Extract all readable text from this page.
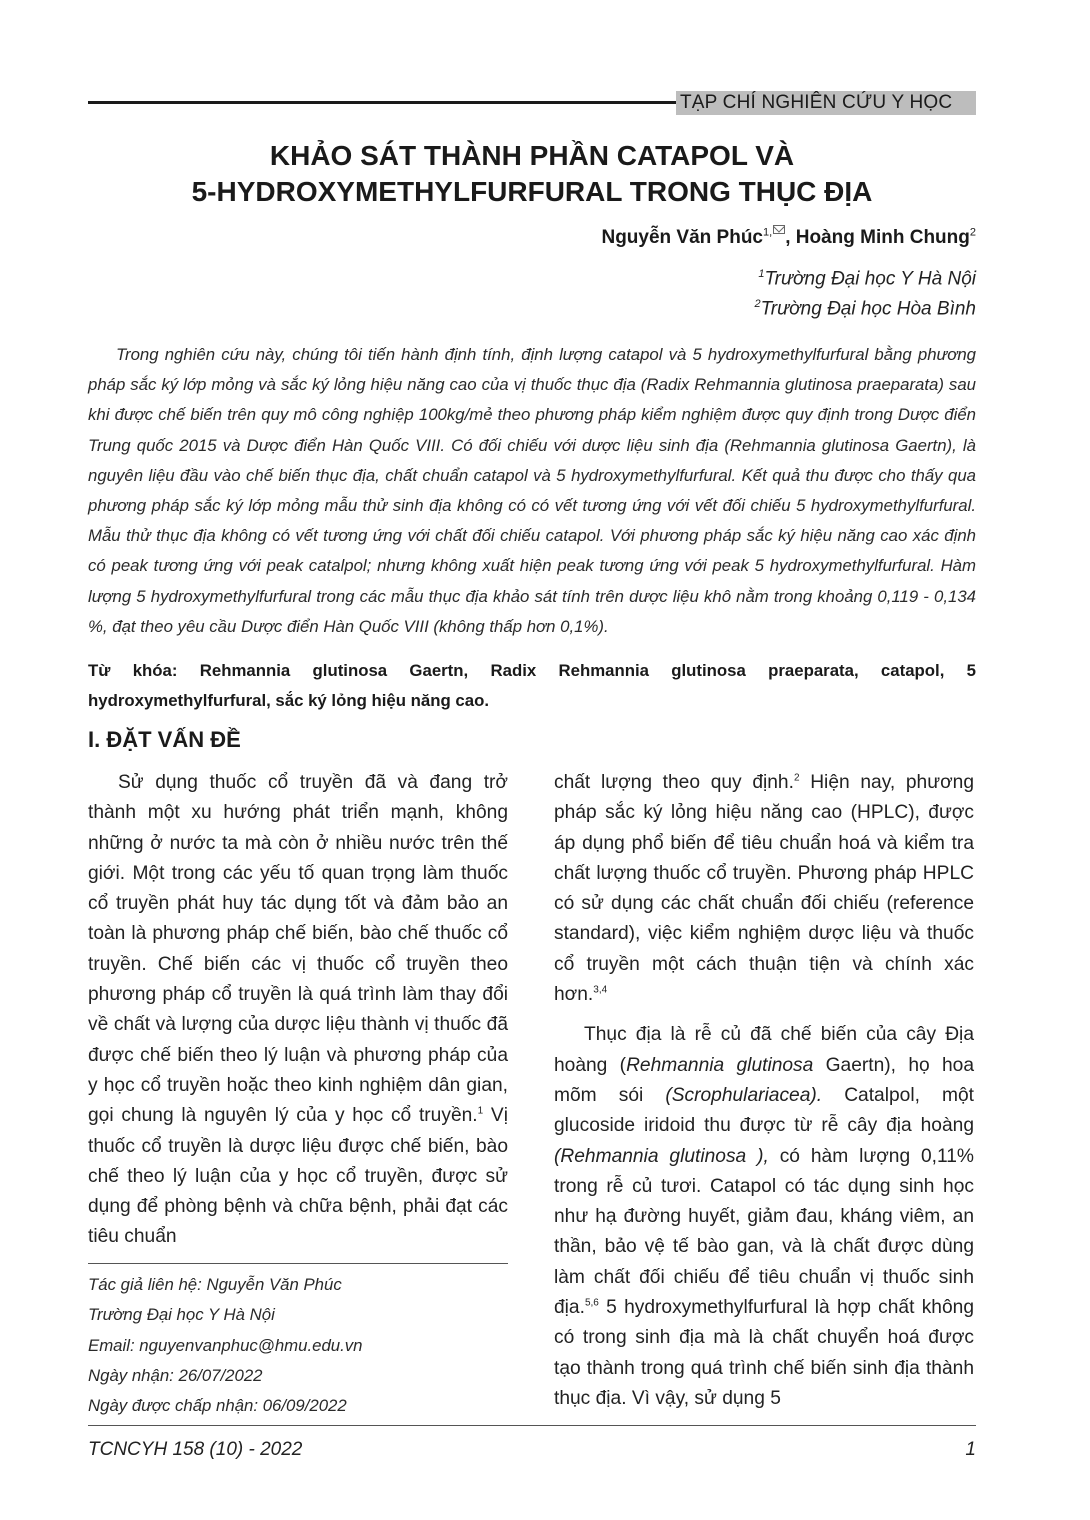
TẠP CHÍ NGHIÊN CỨU Y HỌC
KHẢO SÁT THÀNH PHẦN CATAPOL VÀ
5-HYDROXYMETHYLFURFURAL TRONG THỤC ĐỊA
Nguyễn Văn Phúc$^{1,}$ , Hoàng Minh Chung$^2$
$^1$Trường Đại học Y Hà Nội
$^2$Trường Đại học Hòa Bình

Trong nghiên cứu này, chúng tôi tiến hành định tính, định lượng catapol và 5 hydroxymethylfurfural bằng phương pháp sắc ký lớp mỏng và sắc ký lỏng hiệu năng cao của vị thuốc thục địa (Radix Rehmannia glutinosa praeparata) sau khi được chế biến trên quy mô công nghiệp 100kg/mẻ theo phương pháp kiểm nghiệm được quy định trong Dược điển Trung quốc 2015 và Dược điển Hàn Quốc VIII. Có đối chiếu với dược liệu sinh địa (Rehmannia glutinosa Gaertn), là nguyên liệu đầu vào chế biến thục địa, chất chuẩn catapol và 5 hydroxymethylfurfural. Kết quả thu được cho thấy qua phương pháp sắc ký lớp mỏng mẫu thử sinh địa không có có vết tương ứng với vết đối chiếu 5 hydroxymethylfurfural. Mẫu thử thục địa không có vết tương ứng với chất đối chiếu catapol. Với phương pháp sắc ký hiệu năng cao xác định có peak tương ứng với peak catalpol; nhưng không xuất hiện peak tương ứng với peak 5 hydroxymethylfurfural. Hàm lượng 5 hydroxymethylfurfural trong các mẫu thục địa khảo sát tính trên dược liệu khô nằm trong khoảng 0,119 - 0,134 %, đạt theo yêu cầu Dược điển Hàn Quốc VIII (không thấp hơn 0,1%).

Từ khóa: Rehmannia glutinosa Gaertn, Radix Rehmannia glutinosa praeparata, catapol, 5 hydroxymethylfurfural, sắc ký lỏng hiệu năng cao.

I. ĐẶT VẤN ĐỀ

Sử dụng thuốc cổ truyền đã và đang trở thành một xu hướng phát triển mạnh, không những ở nước ta mà còn ở nhiều nước trên thế giới. Một trong các yếu tố quan trọng làm thuốc cổ truyền phát huy tác dụng tốt và đảm bảo an toàn là phương pháp chế biến, bào chế thuốc cổ truyền. Chế biến các vị thuốc cổ truyền theo phương pháp cổ truyền là quá trình làm thay đổi về chất và lượng của dược liệu thành vị thuốc đã được chế biến theo lý luận và phương pháp của y học cổ truyền hoặc theo kinh nghiệm dân gian, gọi chung là nguyên lý của y học cổ truyền.$^1$ Vị thuốc cổ truyền là dược liệu được chế biến, bào chế theo lý luận của y học cổ truyền, được sử dụng để phòng bệnh và chữa bệnh, phải đạt các tiêu chuẩn

chất lượng theo quy định.$^2$ Hiện nay, phương pháp sắc ký lỏng hiệu năng cao (HPLC), được áp dụng phổ biến để tiêu chuẩn hoá và kiểm tra chất lượng thuốc cổ truyền. Phương pháp HPLC có sử dụng các chất chuẩn đối chiếu (reference standard), việc kiểm nghiệm dược liệu và thuốc cổ truyền một cách thuận tiện và chính xác hơn.$^{3,4}$

Thục địa là rễ củ đã chế biến của cây Địa hoàng (Rehmannia glutinosa Gaertn), họ hoa mõm sói (Scrophulariacea). Catalpol, một glucoside iridoid thu được từ rễ cây địa hoàng (Rehmannia glutinosa ), có hàm lượng 0,11% trong rễ củ tươi. Catapol có tác dụng sinh học như hạ đường huyết, giảm đau, kháng viêm, an thần, bảo vệ tế bào gan, và là chất được dùng làm chất đối chiếu để tiêu chuẩn vị thuốc sinh địa.$^{5,6}$ 5 hydroxymethylfurfural là hợp chất không có trong sinh địa mà là chất chuyển hoá được tạo thành trong quá trình chế biến sinh địa thành thục địa. Vì vậy, sử dụng 5

Tác giả liên hệ: Nguyễn Văn Phúc
Trường Đại học Y Hà Nội
Email: nguyenvanphuc@hmu.edu.vn
Ngày nhận: 26/07/2022
Ngày được chấp nhận: 06/09/2022
TCNCYH 158 (10) - 2022	1
